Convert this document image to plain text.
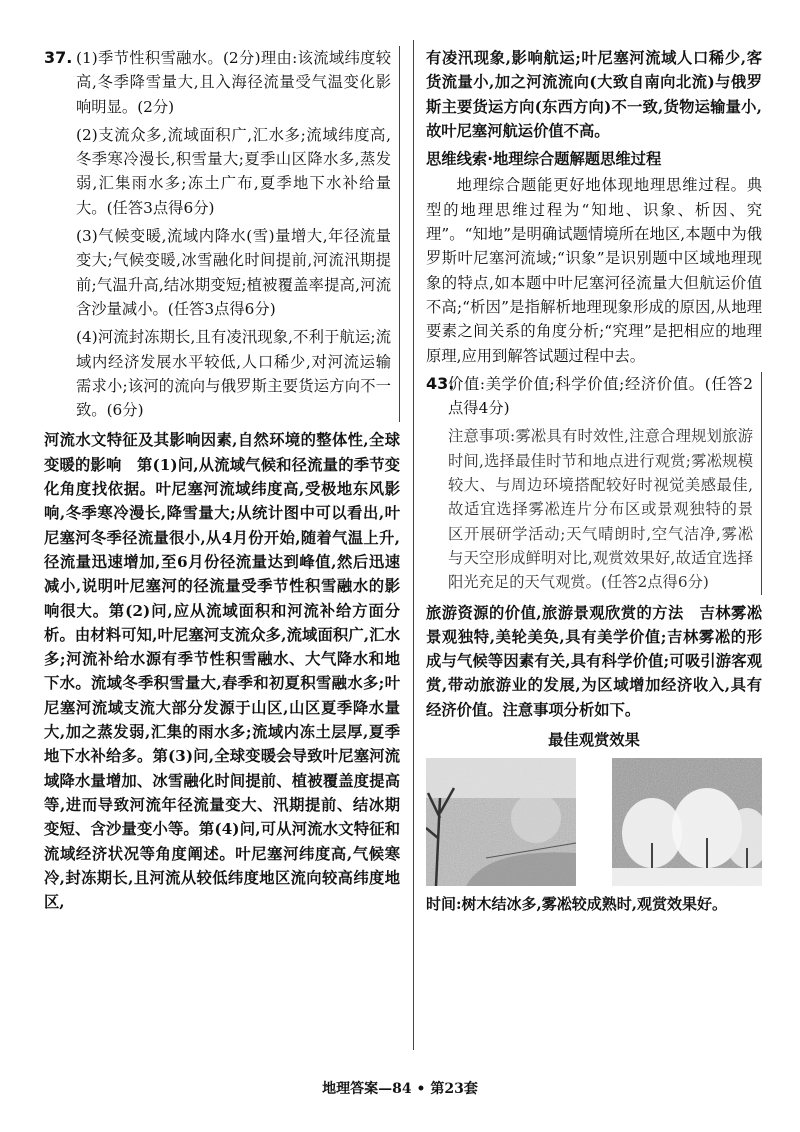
37. (1)季节性积雪融水。(2分)理由:该流域纬度较高,冬季降雪量大,且入海径流量受气温变化影响明显。(2分)
(2)支流众多,流域面积广,汇水多;流域纬度高,冬季寒冷漫长,积雪量大;夏季山区降水多,蒸发弱,汇集雨水多;冻土广布,夏季地下水补给量大。(任答3点得6分)
(3)气候变暖,流域内降水(雪)量增大,年径流量变大;气候变暖,冰雪融化时间提前,河流汛期提前;气温升高,结冰期变短;植被覆盖率提高,河流含沙量减小。(任答3点得6分)
(4)河流封冻期长,且有凌汛现象,不利于航运;流域内经济发展水平较低,人口稀少,对河流运输需求小;该河的流向与俄罗斯主要货运方向不一致。(6分)
河流水文特征及其影响因素,自然环境的整体性,全球变暖的影响　第(1)问,从流域气候和径流量的季节变化角度找依据。叶尼塞河流域纬度高,受极地东风影响,冬季寒冷漫长,降雪量大;从统计图中可以看出,叶尼塞河冬季径流量很小,从4月份开始,随着气温上升,径流量迅速增加,至6月份径流量达到峰值,然后迅速减小,说明叶尼塞河的径流量受季节性积雪融水的影响很大。第(2)问,应从流域面积和河流补给方面分析。由材料可知,叶尼塞河支流众多,流域面积广,汇水多;河流补给水源有季节性积雪融水、大气降水和地下水。流域冬季积雪量大,春季和初夏积雪融水多;叶尼塞河流域支流大部分发源于山区,山区夏季降水量大,加之蒸发弱,汇集的雨水多;流域内冻土层厚,夏季地下水补给多。第(3)问,全球变暖会导致叶尼塞河流域降水量增加、冰雪融化时间提前、植被覆盖度提高等,进而导致河流年径流量变大、汛期提前、结冰期变短、含沙量变小等。第(4)问,可从河流水文特征和流域经济状况等角度阐述。叶尼塞河纬度高,气候寒冷,封冻期长,且河流从较低纬度地区流向较高纬度地区,
有凌汛现象,影响航运;叶尼塞河流域人口稀少,客货流量小,加之河流流向(大致自南向北流)与俄罗斯主要货运方向(东西方向)不一致,货物运输量小,故叶尼塞河航运价值不高。
思维线索·地理综合题解题思维过程
地理综合题能更好地体现地理思维过程。典型的地理思维过程为“知地、识象、析因、究理”。“知地”是明确试题情境所在地区,本题中为俄罗斯叶尼塞河流域;“识象”是识别题中区域地理现象的特点,如本题中叶尼塞河径流量大但航运价值不高;“析因”是指解析地理现象形成的原因,从地理要素之间关系的角度分析;“究理”是把相应的地理原理,应用到解答试题过程中去。
43.
价值:美学价值;科学价值;经济价值。(任答2点得4分)
注意事项:雾凇具有时效性,注意合理规划旅游时间,选择最佳时节和地点进行观赏;雾凇规模较大、与周边环境搭配较好时视觉美感最佳,故适宜选择雾凇连片分布区或景观独特的景区开展研学活动;天气晴朗时,空气洁净,雾凇与天空形成鲜明对比,观赏效果好,故适宜选择阳光充足的天气观赏。(任答2点得6分)
旅游资源的价值,旅游景观欣赏的方法　吉林雾凇景观独特,美轮美奂,具有美学价值;吉林雾凇的形成与气候等因素有关,具有科学价值;可吸引游客观赏,带动旅游业的发展,为区域增加经济收入,具有经济价值。注意事项分析如下。
最佳观赏效果
时间:树木结冰多,雾凇较成熟时,观赏效果好。
地理答案—84 • 第23套
